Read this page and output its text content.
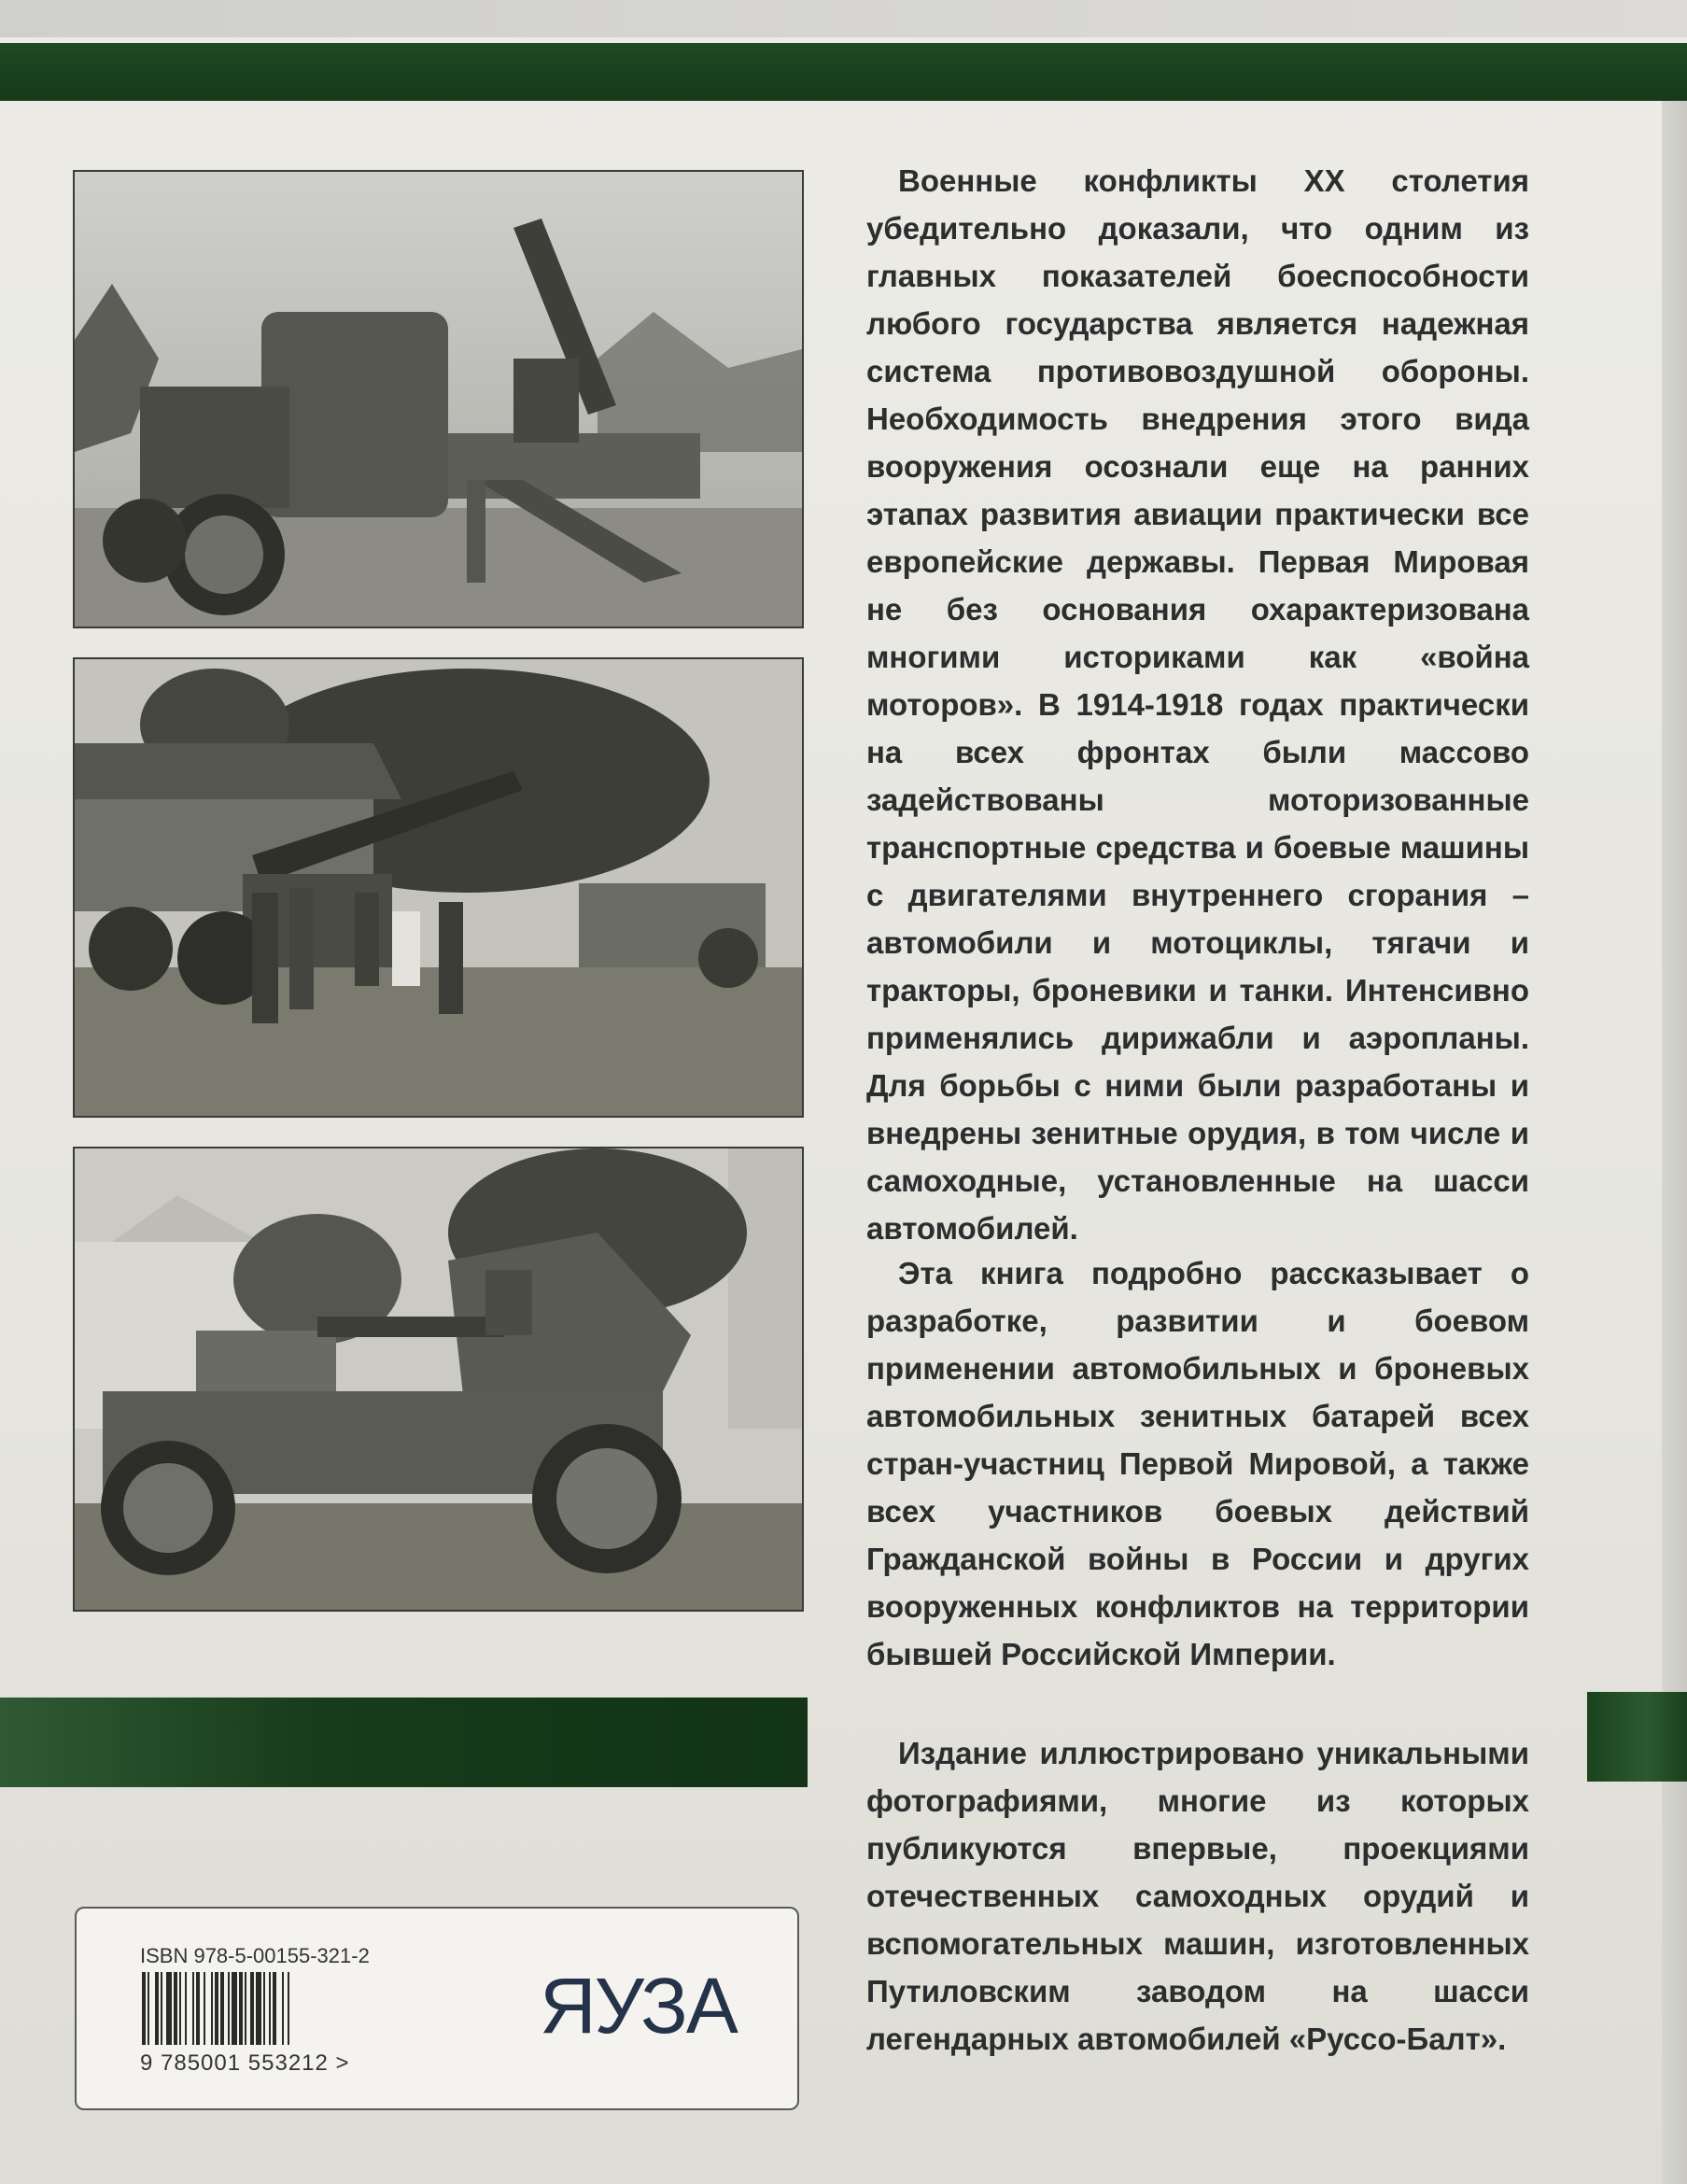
Военные конфликты XX столетия убедительно доказали, что одним из главных показателей боеспособности любого государства является надежная система противовоздушной обороны. Необходимость внедрения этого вида вооружения осознали еще на ранних этапах развития авиации практически все европейские державы. Первая Мировая не без основания охарактеризована многими историками как «война моторов». В 1914-1918 годах практически на всех фронтах были массово задействованы моторизованные транспортные средства и боевые машины с двигателями внутреннего сгорания – автомобили и мотоциклы, тягачи и тракторы, броневики и танки. Интенсивно применялись дирижабли и аэропланы. Для борьбы с ними были разработаны и внедрены зенитные орудия, в том числе и самоходные, установленные на шасси автомобилей.

Эта книга подробно рассказывает о разработке, развитии и боевом применении автомобильных и броневых автомобильных зенитных батарей всех стран-участниц Первой Мировой, а также всех участников боевых действий Гражданской войны в России и других вооруженных конфликтов на территории бывшей Российской Империи.

Издание иллюстрировано уникальными фотографиями, многие из которых публикуются впервые, проекциями отечественных самоходных орудий и вспомогательных машин, изготовленных Путиловским заводом на шасси легендарных автомобилей «Руссо-Балт».

ISBN 978-5-00155-321-2
9 785001 553212 >
ЯУЗА
